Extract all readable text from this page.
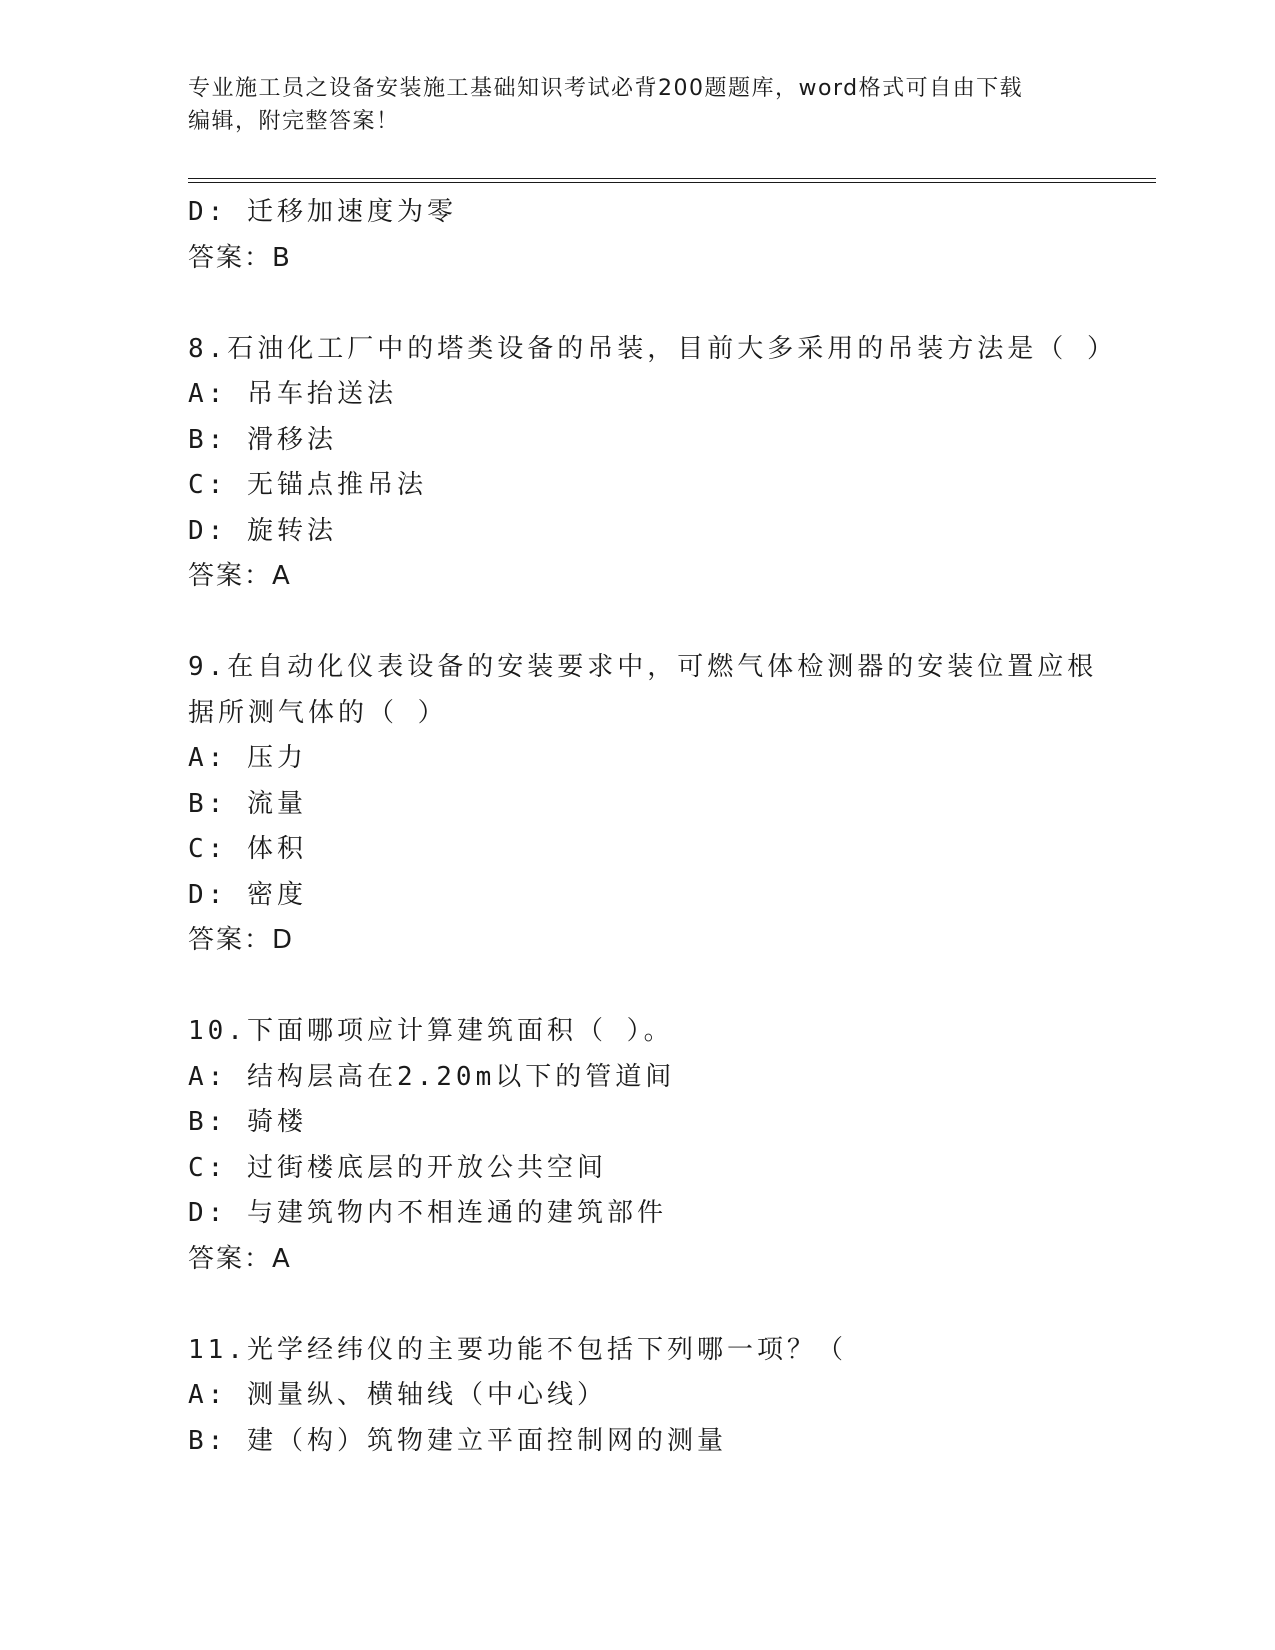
专业施工员之设备安装施工基础知识考试必背200题题库，word格式可自由下载
编辑，附完整答案！
D: 迁移加速度为零
答案：B
8.石油化工厂中的塔类设备的吊装，目前大多采用的吊装方法是（ ）
A: 吊车抬送法
B: 滑移法
C: 无锚点推吊法
D: 旋转法
答案：A
9.在自动化仪表设备的安装要求中，可燃气体检测器的安装位置应根
据所测气体的（ ）
A: 压力
B: 流量
C: 体积
D: 密度
答案：D
10.下面哪项应计算建筑面积（ ）。
A: 结构层高在2.20m以下的管道间
B: 骑楼
C: 过街楼底层的开放公共空间
D: 与建筑物内不相连通的建筑部件
答案：A
11.光学经纬仪的主要功能不包括下列哪一项？（
A: 测量纵、横轴线（中心线）
B: 建（构）筑物建立平面控制网的测量
